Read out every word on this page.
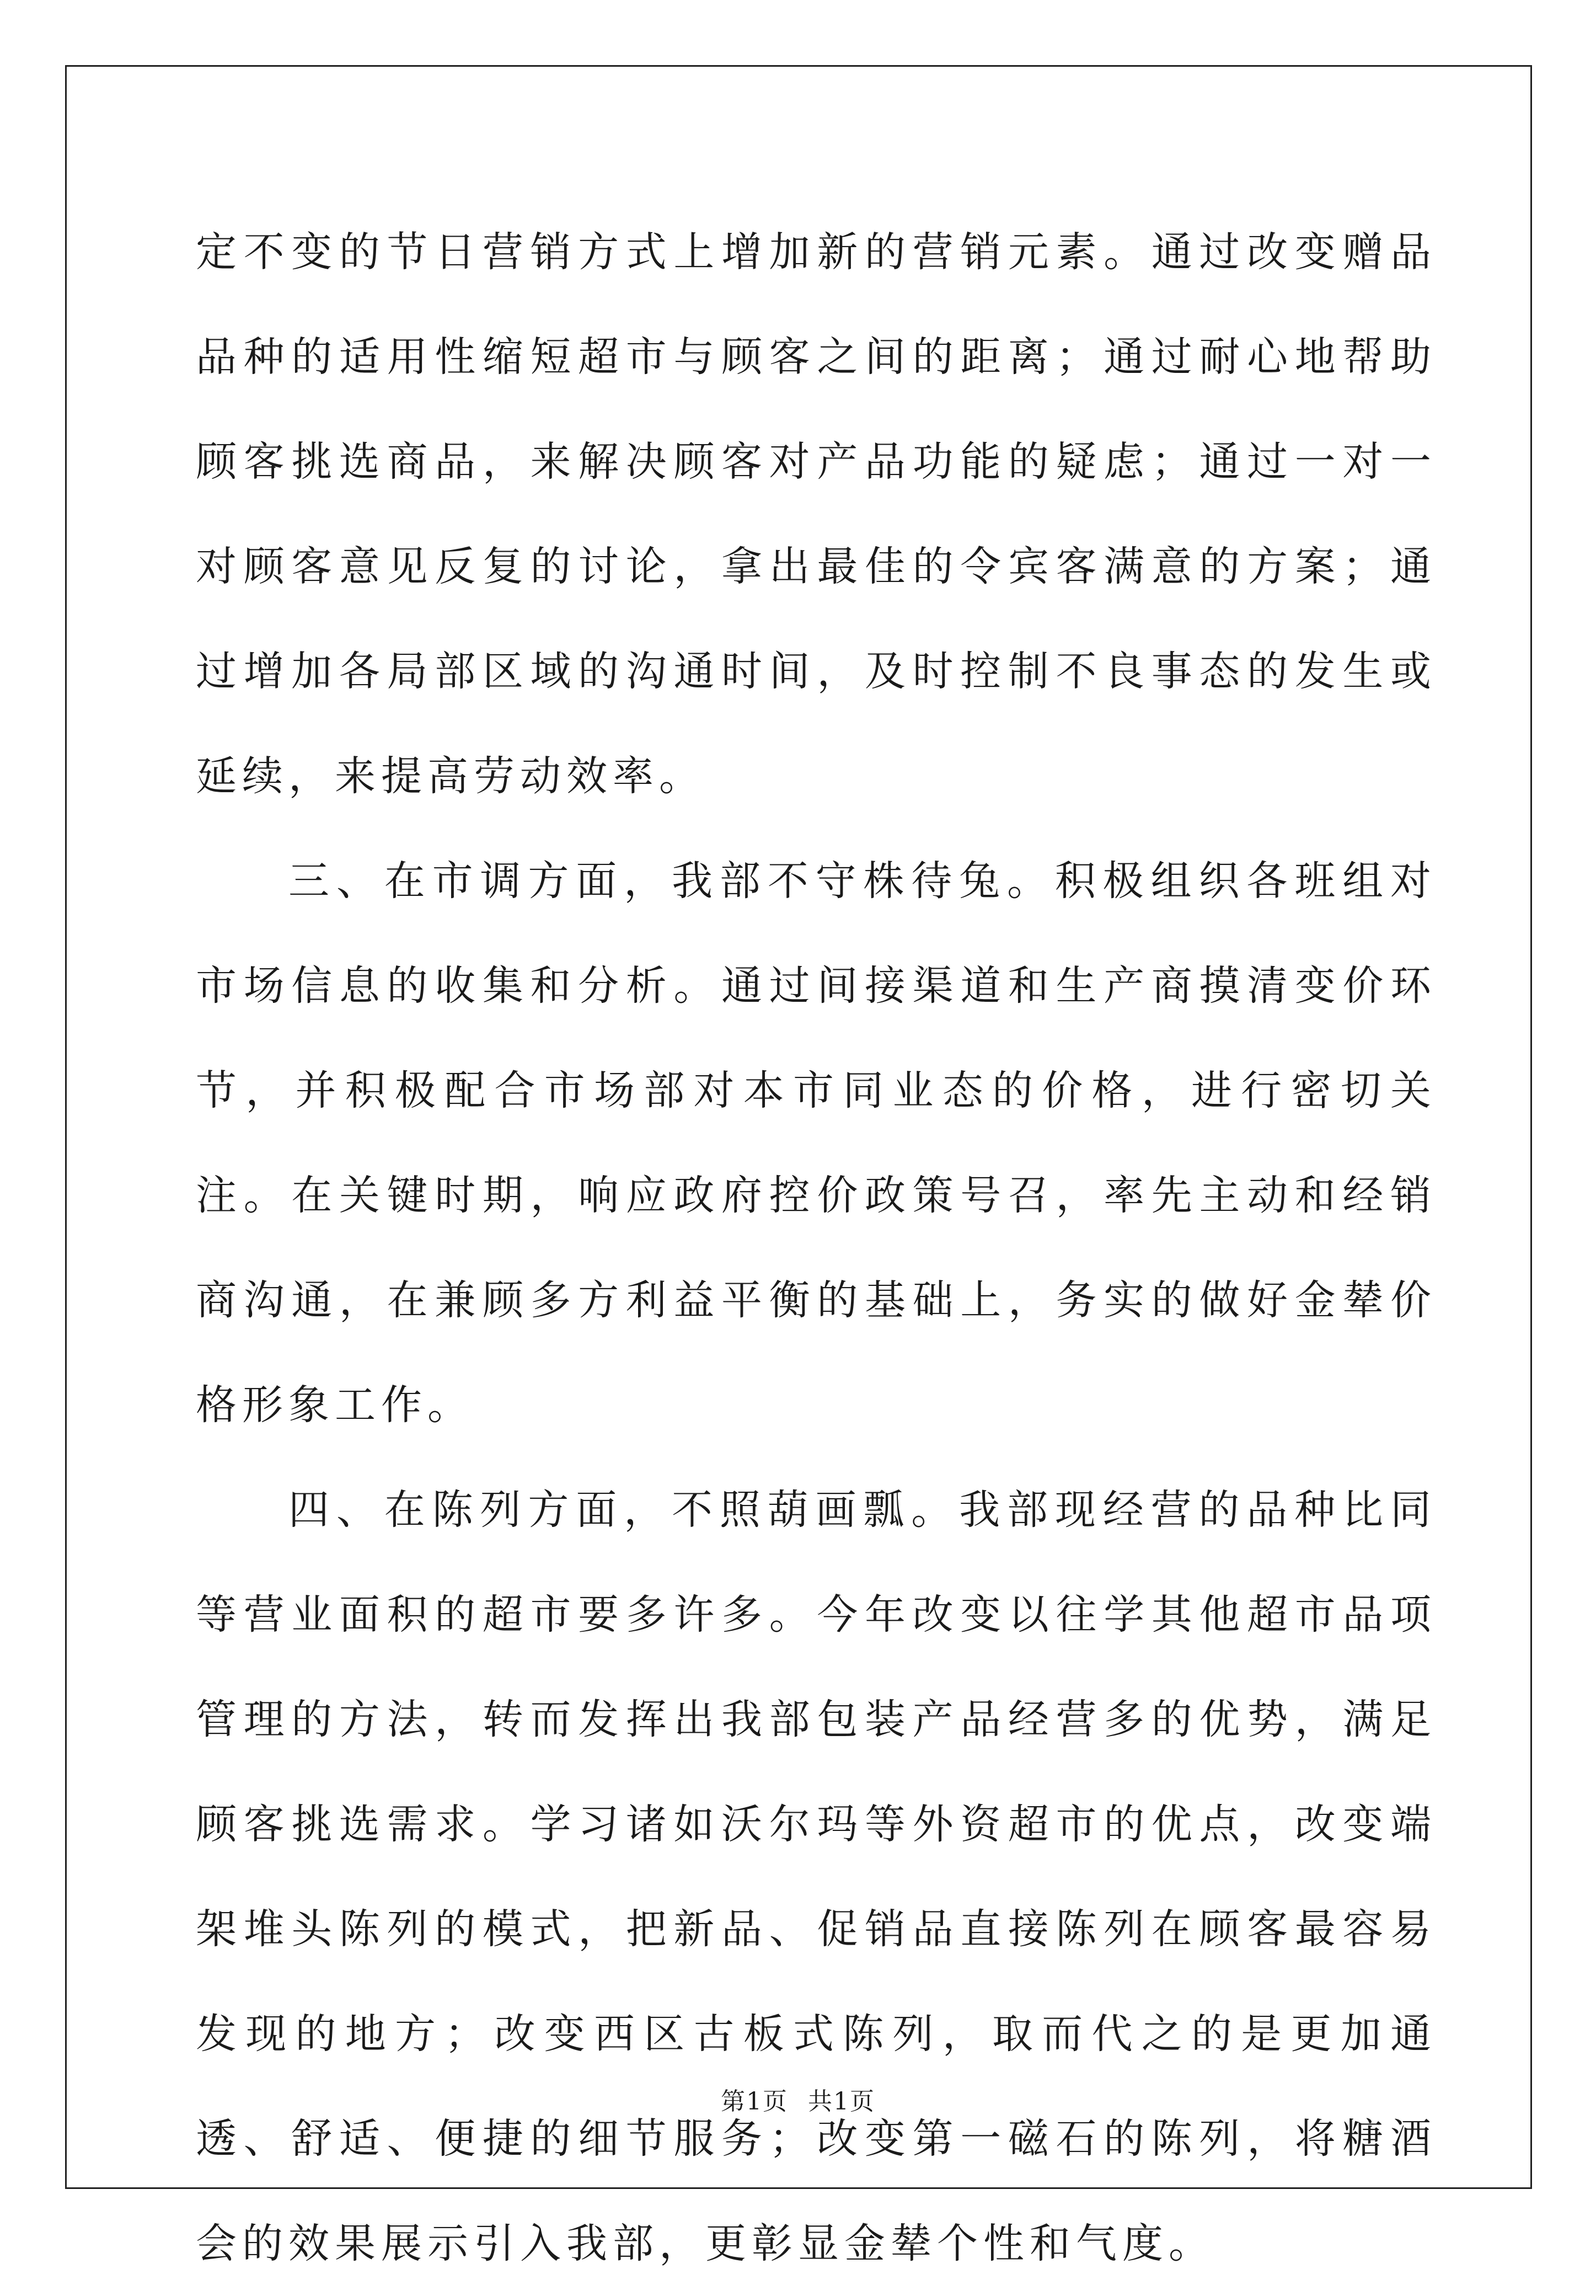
定不变的节日营销方式上增加新的营销元素。通过改变赠品品种的适用性缩短超市与顾客之间的距离；通过耐心地帮助顾客挑选商品，来解决顾客对产品功能的疑虑；通过一对一对顾客意见反复的讨论，拿出最佳的令宾客满意的方案；通过增加各局部区域的沟通时间，及时控制不良事态的发生或延续，来提高劳动效率。

三、在市调方面，我部不守株待兔。积极组织各班组对市场信息的收集和分析。通过间接渠道和生产商摸清变价环节，并积极配合市场部对本市同业态的价格，进行密切关注。在关键时期，响应政府控价政策号召，率先主动和经销商沟通，在兼顾多方利益平衡的基础上，务实的做好金辇价格形象工作。

四、在陈列方面，不照葫画瓢。我部现经营的品种比同等营业面积的超市要多许多。今年改变以往学其他超市品项管理的方法，转而发挥出我部包装产品经营多的优势，满足顾客挑选需求。学习诸如沃尔玛等外资超市的优点，改变端架堆头陈列的模式，把新品、促销品直接陈列在顾客最容易发现的地方；改变西区古板式陈列，取而代之的是更加通透、舒适、便捷的细节服务；改变第一磁石的陈列，将糖酒会的效果展示引入我部，更彰显金辇个性和气度。

第1页 共1页
